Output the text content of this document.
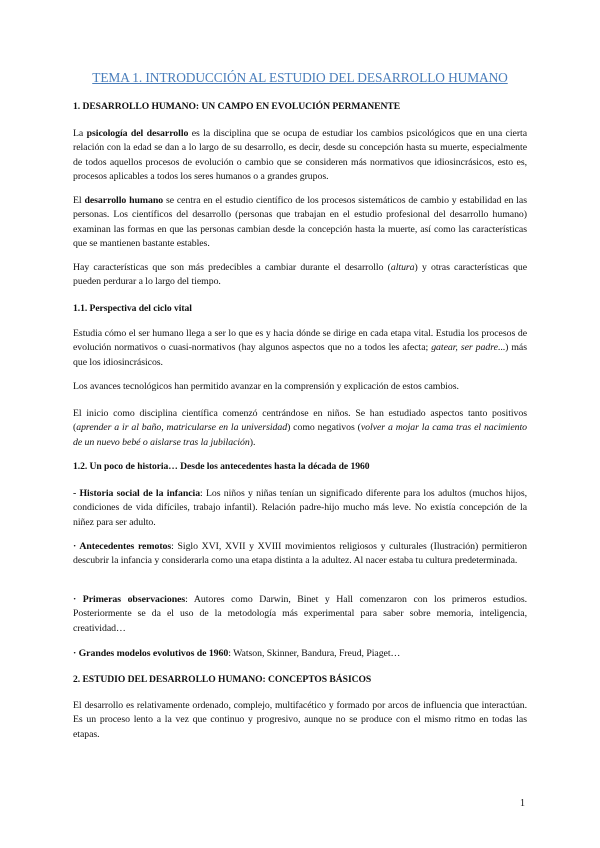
TEMA 1. INTRODUCCIÓN AL ESTUDIO DEL DESARROLLO HUMANO
1. DESARROLLO HUMANO: UN CAMPO EN EVOLUCIÓN PERMANENTE
La psicología del desarrollo es la disciplina que se ocupa de estudiar los cambios psicológicos que en una cierta relación con la edad se dan a lo largo de su desarrollo, es decir, desde su concepción hasta su muerte, especialmente de todos aquellos procesos de evolución o cambio que se consideren más normativos que idiosincrásicos, esto es, procesos aplicables a todos los seres humanos o a grandes grupos.
El desarrollo humano se centra en el estudio científico de los procesos sistemáticos de cambio y estabilidad en las personas. Los científicos del desarrollo (personas que trabajan en el estudio profesional del desarrollo humano) examinan las formas en que las personas cambian desde la concepción hasta la muerte, así como las características que se mantienen bastante estables.
Hay características que son más predecibles a cambiar durante el desarrollo (altura) y otras características que pueden perdurar a lo largo del tiempo.
1.1. Perspectiva del ciclo vital
Estudia cómo el ser humano llega a ser lo que es y hacia dónde se dirige en cada etapa vital. Estudia los procesos de evolución normativos o cuasi-normativos (hay algunos aspectos que no a todos les afecta; gatear, ser padre...) más que los idiosincrásicos.
Los avances tecnológicos han permitido avanzar en la comprensión y explicación de estos cambios.
El inicio como disciplina científica comenzó centrándose en niños. Se han estudiado aspectos tanto positivos (aprender a ir al baño, matricularse en la universidad) como negativos (volver a mojar la cama tras el nacimiento de un nuevo bebé o aislarse tras la jubilación).
1.2. Un poco de historia… Desde los antecedentes hasta la década de 1960
- Historia social de la infancia: Los niños y niñas tenían un significado diferente para los adultos (muchos hijos, condiciones de vida difíciles, trabajo infantil). Relación padre-hijo mucho más leve. No existía concepción de la niñez para ser adulto.
· Antecedentes remotos: Siglo XVI, XVII y XVIII movimientos religiosos y culturales (Ilustración) permitieron descubrir la infancia y considerarla como una etapa distinta a la adultez. Al nacer estaba tu cultura predeterminada.
· Primeras observaciones: Autores como Darwin, Binet y Hall comenzaron con los primeros estudios. Posteriormente se da el uso de la metodología más experimental para saber sobre memoria, inteligencia, creatividad…
· Grandes modelos evolutivos de 1960: Watson, Skinner, Bandura, Freud, Piaget…
2. ESTUDIO DEL DESARROLLO HUMANO: CONCEPTOS BÁSICOS
El desarrollo es relativamente ordenado, complejo, multifacético y formado por arcos de influencia que interactúan. Es un proceso lento a la vez que continuo y progresivo, aunque no se produce con el mismo ritmo en todas las etapas.
1
